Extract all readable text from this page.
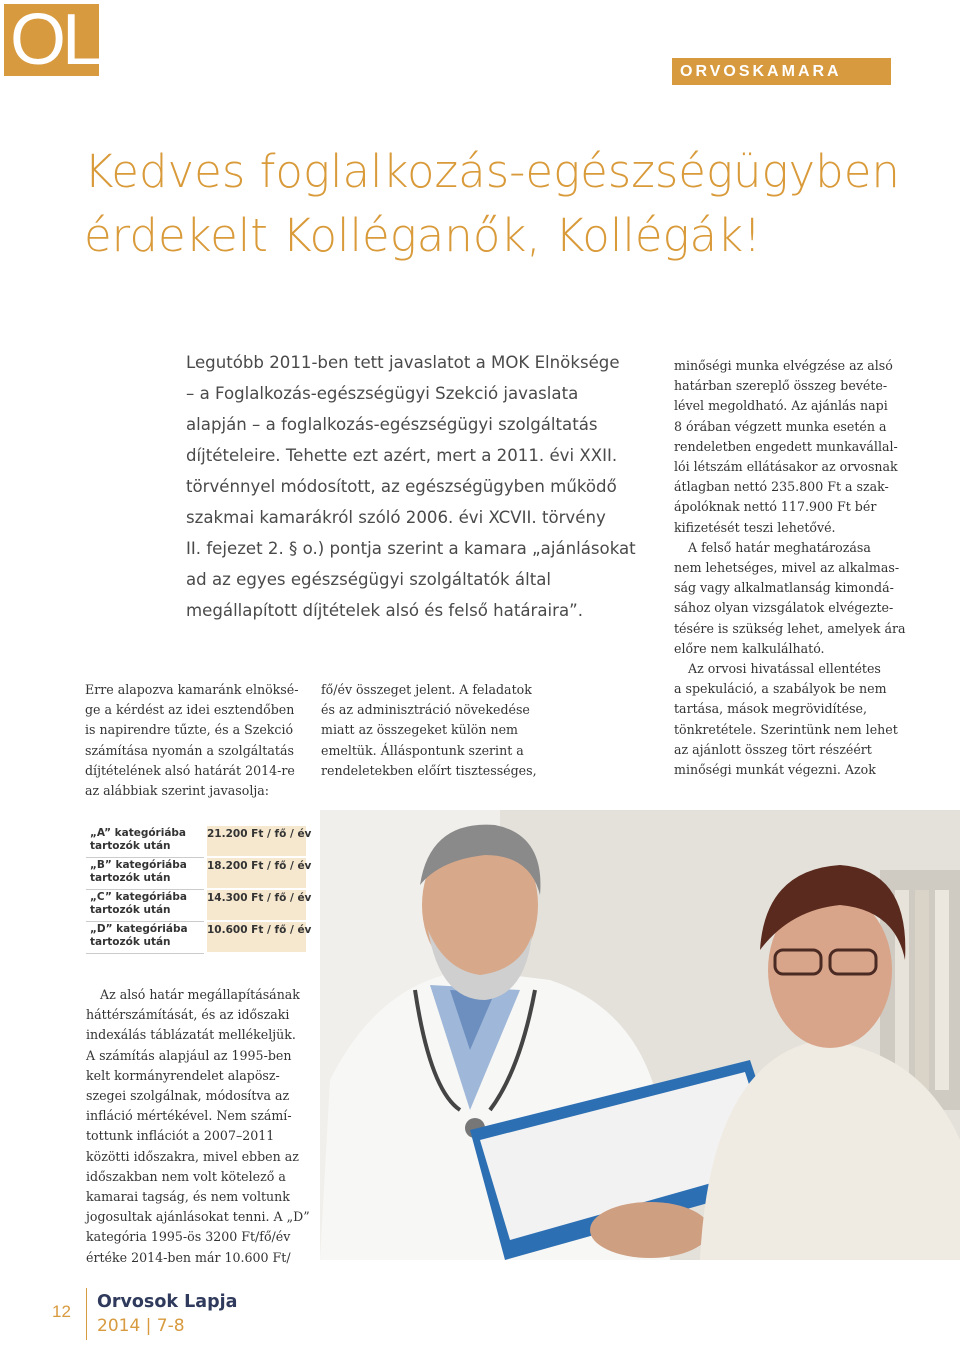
OL	ORVOSKAMARA
Kedves foglalkozás-egészségügyben
érdekelt Kolléganők, Kollégák!
Legutóbb 2011-ben tett javaslatot a MOK Elnöksége
– a Foglalkozás-egészségügyi Szekció javaslata
alapján – a foglalkozás-egészségügyi szolgáltatás
díjtételeire. Tehette ezt azért, mert a 2011. évi XXII.
törvénnyel módosított, az egészségügyben működő
szakmai kamarákról szóló 2006. évi XCVII. törvény
II. fejezet 2. § o.) pontja szerint a kamara „ajánlásokat
ad az egyes egészségügyi szolgáltatók által
megállapított díjtételek alsó és felső határaira”.
Erre alapozva kamaránk elnöksé-
ge a kérdést az idei esztendőben
is napirendre tűzte, és a Szekció
számítása nyomán a szolgáltatás
díjtételének alsó határát 2014-re
az alábbiak szerint javasolja:
fő/év összeget jelent. A feladatok
és az adminisztráció növekedése
miatt az összegeket külön nem
emeltük. Álláspontunk szerint a
rendeletekben előírt tisztességes,
minőségi munka elvégzése az alsó
határban szereplő összeg bevéte-
lével megoldható. Az ajánlás napi
8 órában végzett munka esetén a
rendeletben engedett munkavállal-
lói létszám ellátásakor az orvosnak
átlagban nettó 235.800 Ft a szak-
ápolóknak nettó 117.900 Ft bér
kifizetését teszi lehetővé.
A felső határ meghatározása
nem lehetséges, mivel az alkalmas-
ság vagy alkalmatlanság kimondá-
sához olyan vizsgálatok elvégezte-
tésére is szükség lehet, amelyek ára
előre nem kalkulálható.
Az orvosi hivatással ellentétes
a spekuláció, a szabályok be nem
tartása, mások megrövidítése,
tönkretétele. Szerintünk nem lehet
az ajánlott összeg tört részéért
minőségi munkát végezni. Azok
„A” kategóriába
tartozók után
21.200 Ft / fő / év
„B” kategóriába
tartozók után
18.200 Ft / fő / év
„C” kategóriába
tartozók után
14.300 Ft / fő / év
„D” kategóriába
tartozók után
10.600 Ft / fő / év
Az alsó határ megállapításának
háttérszámítását, és az időszaki
indexálás táblázatát mellékeljük.
A számítás alapjául az 1995-ben
kelt kormányrendelet alapösz-
szegei szolgálnak, módosítva az
infláció mértékével. Nem számí-
tottunk inflációt a 2007–2011
közötti időszakra, mivel ebben az
időszakban nem volt kötelező a
kamarai tagság, és nem voltunk
jogosultak ajánlásokat tenni. A „D”
kategória 1995-ös 3200 Ft/fő/év
értéke 2014-ben már 10.600 Ft/
12 Orvosok Lapja
2014 | 7-8
